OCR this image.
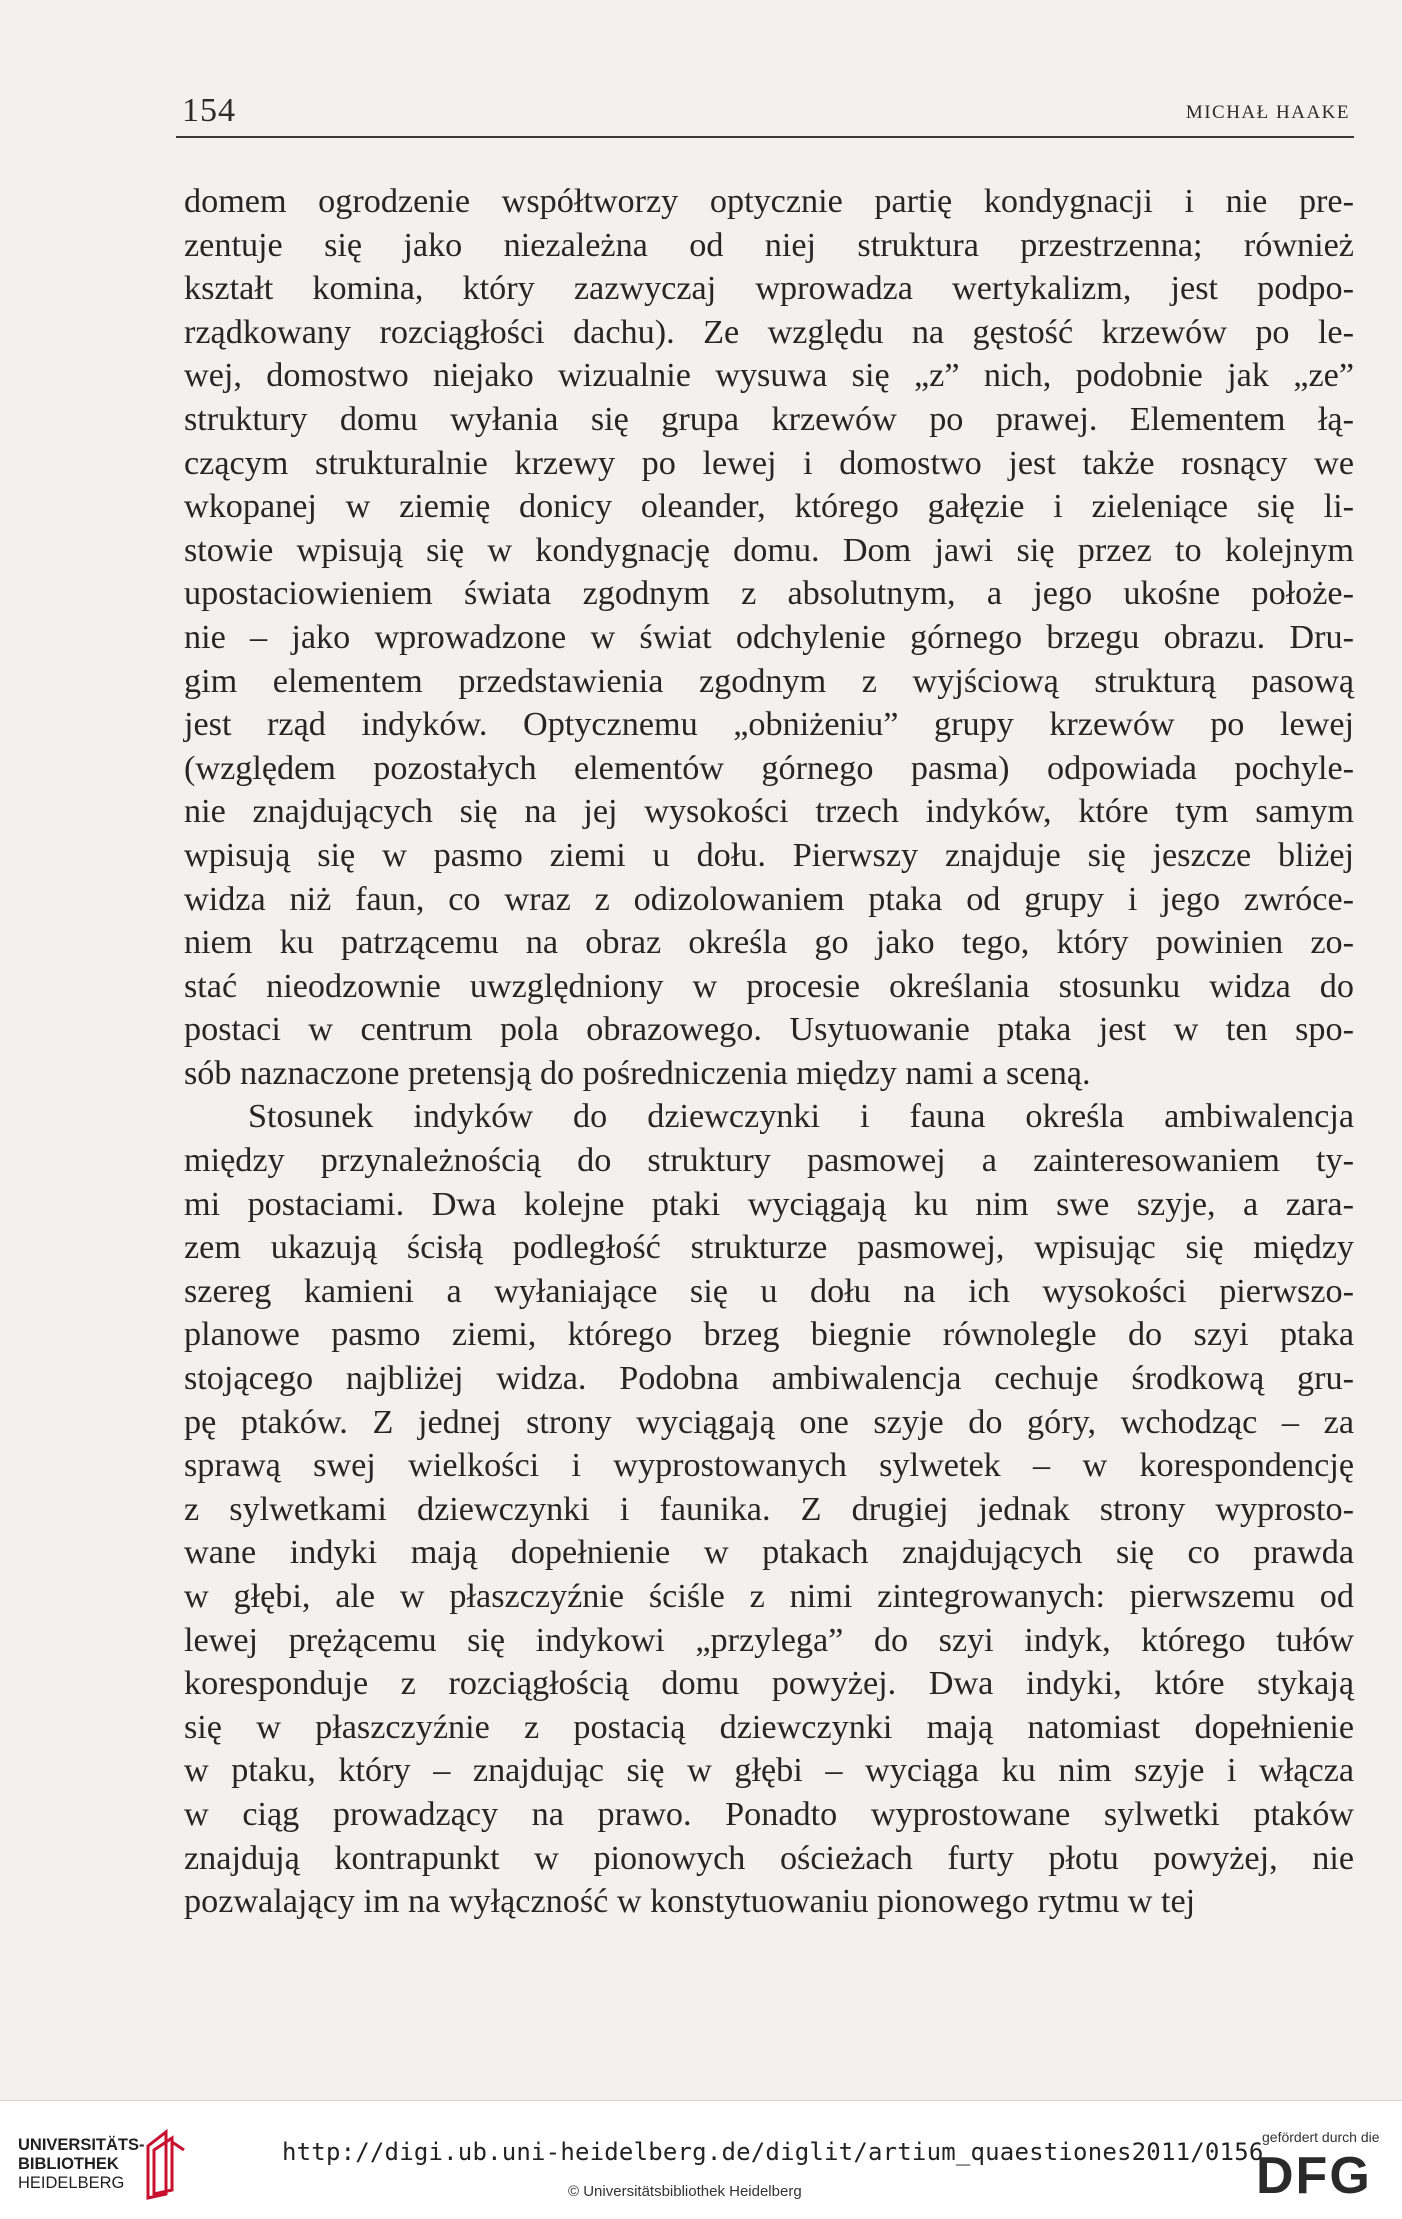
154	MICHAŁ HAAKE
domem ogrodzenie współtworzy optycznie partię kondygnacji i nie pre-
zentuje się jako niezależna od niej struktura przestrzenna; również
kształt komina, który zazwyczaj wprowadza wertykalizm, jest podpo-
rządkowany rozciągłości dachu). Ze względu na gęstość krzewów po le-
wej, domostwo niejako wizualnie wysuwa się „z” nich, podobnie jak „ze”
struktury domu wyłania się grupa krzewów po prawej. Elementem łą-
czącym strukturalnie krzewy po lewej i domostwo jest także rosnący we
wkopanej w ziemię donicy oleander, którego gałęzie i zieleniące się li-
stowie wpisują się w kondygnację domu. Dom jawi się przez to kolejnym
upostaciowieniem świata zgodnym z absolutnym, a jego ukośne położe-
nie – jako wprowadzone w świat odchylenie górnego brzegu obrazu. Dru-
gim elementem przedstawienia zgodnym z wyjściową strukturą pasową
jest rząd indyków. Optycznemu „obniżeniu” grupy krzewów po lewej
(względem pozostałych elementów górnego pasma) odpowiada pochyle-
nie znajdujących się na jej wysokości trzech indyków, które tym samym
wpisują się w pasmo ziemi u dołu. Pierwszy znajduje się jeszcze bliżej
widza niż faun, co wraz z odizolowaniem ptaka od grupy i jego zwróce-
niem ku patrzącemu na obraz określa go jako tego, który powinien zo-
stać nieodzownie uwzględniony w procesie określania stosunku widza do
postaci w centrum pola obrazowego. Usytuowanie ptaka jest w ten spo-
sób naznaczone pretensją do pośredniczenia między nami a sceną.
Stosunek indyków do dziewczynki i fauna określa ambiwalencja
między przynależnością do struktury pasmowej a zainteresowaniem ty-
mi postaciami. Dwa kolejne ptaki wyciągają ku nim swe szyje, a zara-
zem ukazują ścisłą podległość strukturze pasmowej, wpisując się między
szereg kamieni a wyłaniające się u dołu na ich wysokości pierwszo-
planowe pasmo ziemi, którego brzeg biegnie równolegle do szyi ptaka
stojącego najbliżej widza. Podobna ambiwalencja cechuje środkową gru-
pę ptaków. Z jednej strony wyciągają one szyje do góry, wchodząc – za
sprawą swej wielkości i wyprostowanych sylwetek – w korespondencję
z sylwetkami dziewczynki i faunika. Z drugiej jednak strony wyprosto-
wane indyki mają dopełnienie w ptakach znajdujących się co prawda
w głębi, ale w płaszczyźnie ściśle z nimi zintegrowanych: pierwszemu od
lewej prężącemu się indykowi „przylega” do szyi indyk, którego tułów
koresponduje z rozciągłością domu powyżej. Dwa indyki, które stykają
się w płaszczyźnie z postacią dziewczynki mają natomiast dopełnienie
w ptaku, który – znajdując się w głębi – wyciąga ku nim szyje i włącza
w ciąg prowadzący na prawo. Ponadto wyprostowane sylwetki ptaków
znajdują kontrapunkt w pionowych ościeżach furty płotu powyżej, nie
pozwalający im na wyłączność w konstytuowaniu pionowego rytmu w tej
UNIVERSITÄTS-
BIBLIOTHEK
HEIDELBERG
http://digi.ub.uni-heidelberg.de/diglit/artium_quaestiones2011/0156
© Universitätsbibliothek Heidelberg
gefördert durch die
DFG
